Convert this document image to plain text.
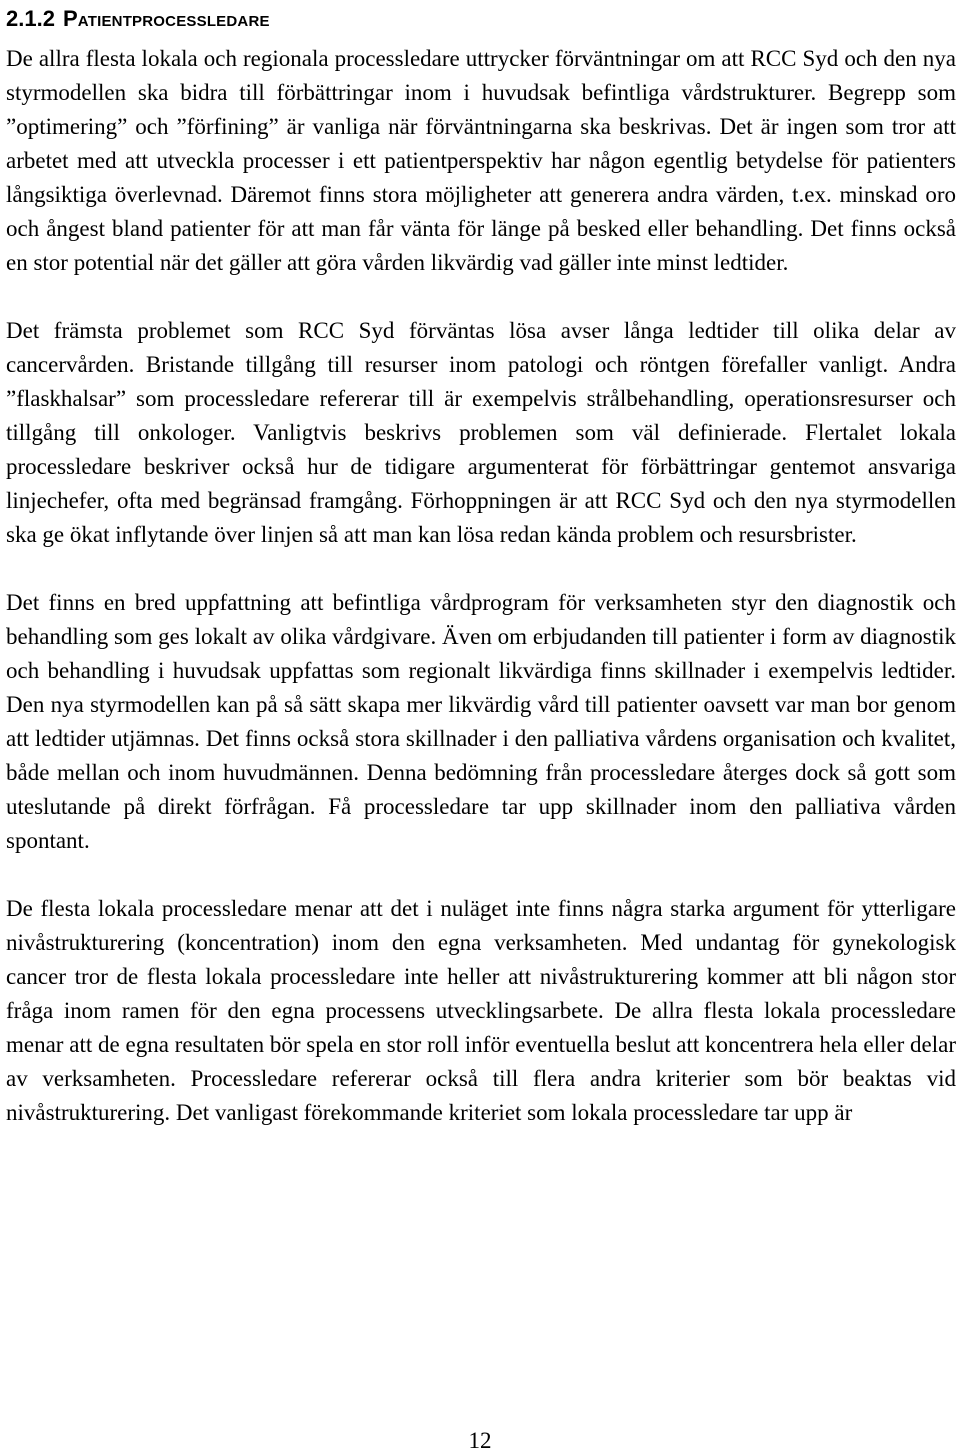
2.1.2 Patientprocessledare

De allra flesta lokala och regionala processledare uttrycker förväntningar om att RCC Syd och den nya styrmodellen ska bidra till förbättringar inom i huvudsak befintliga vårdstrukturer. Begrepp som ”optimering” och ”förfining” är vanliga när förväntningarna ska beskrivas. Det är ingen som tror att arbetet med att utveckla processer i ett patientperspektiv har någon egentlig betydelse för patienters långsiktiga överlevnad. Däremot finns stora möjligheter att generera andra värden, t.ex. minskad oro och ångest bland patienter för att man får vänta för länge på besked eller behandling. Det finns också en stor potential när det gäller att göra vården likvärdig vad gäller inte minst ledtider.

Det främsta problemet som RCC Syd förväntas lösa avser långa ledtider till olika delar av cancervården. Bristande tillgång till resurser inom patologi och röntgen förefaller vanligt. Andra ”flaskhalsar” som processledare refererar till är exempelvis strålbehandling, operationsresurser och tillgång till onkologer. Vanligtvis beskrivs problemen som väl definierade. Flertalet lokala processledare beskriver också hur de tidigare argumenterat för förbättringar gentemot ansvariga linjechefer, ofta med begränsad framgång. Förhoppningen är att RCC Syd och den nya styrmodellen ska ge ökat inflytande över linjen så att man kan lösa redan kända problem och resursbrister.

Det finns en bred uppfattning att befintliga vårdprogram för verksamheten styr den diagnostik och behandling som ges lokalt av olika vårdgivare. Även om erbjudanden till patienter i form av diagnostik och behandling i huvudsak uppfattas som regionalt likvärdiga finns skillnader i exempelvis ledtider. Den nya styrmodellen kan på så sätt skapa mer likvärdig vård till patienter oavsett var man bor genom att ledtider utjämnas. Det finns också stora skillnader i den palliativa vårdens organisation och kvalitet, både mellan och inom huvudmännen. Denna bedömning från processledare återges dock så gott som uteslutande på direkt förfrågan. Få processledare tar upp skillnader inom den palliativa vården spontant.

De flesta lokala processledare menar att det i nuläget inte finns några starka argument för ytterligare nivåstrukturering (koncentration) inom den egna verksamheten. Med undantag för gynekologisk cancer tror de flesta lokala processledare inte heller att nivåstrukturering kommer att bli någon stor fråga inom ramen för den egna processens utvecklingsarbete. De allra flesta lokala processledare menar att de egna resultaten bör spela en stor roll inför eventuella beslut att koncentrera hela eller delar av verksamheten. Processledare refererar också till flera andra kriterier som bör beaktas vid nivåstrukturering. Det vanligast förekommande kriteriet som lokala processledare tar upp är

12
